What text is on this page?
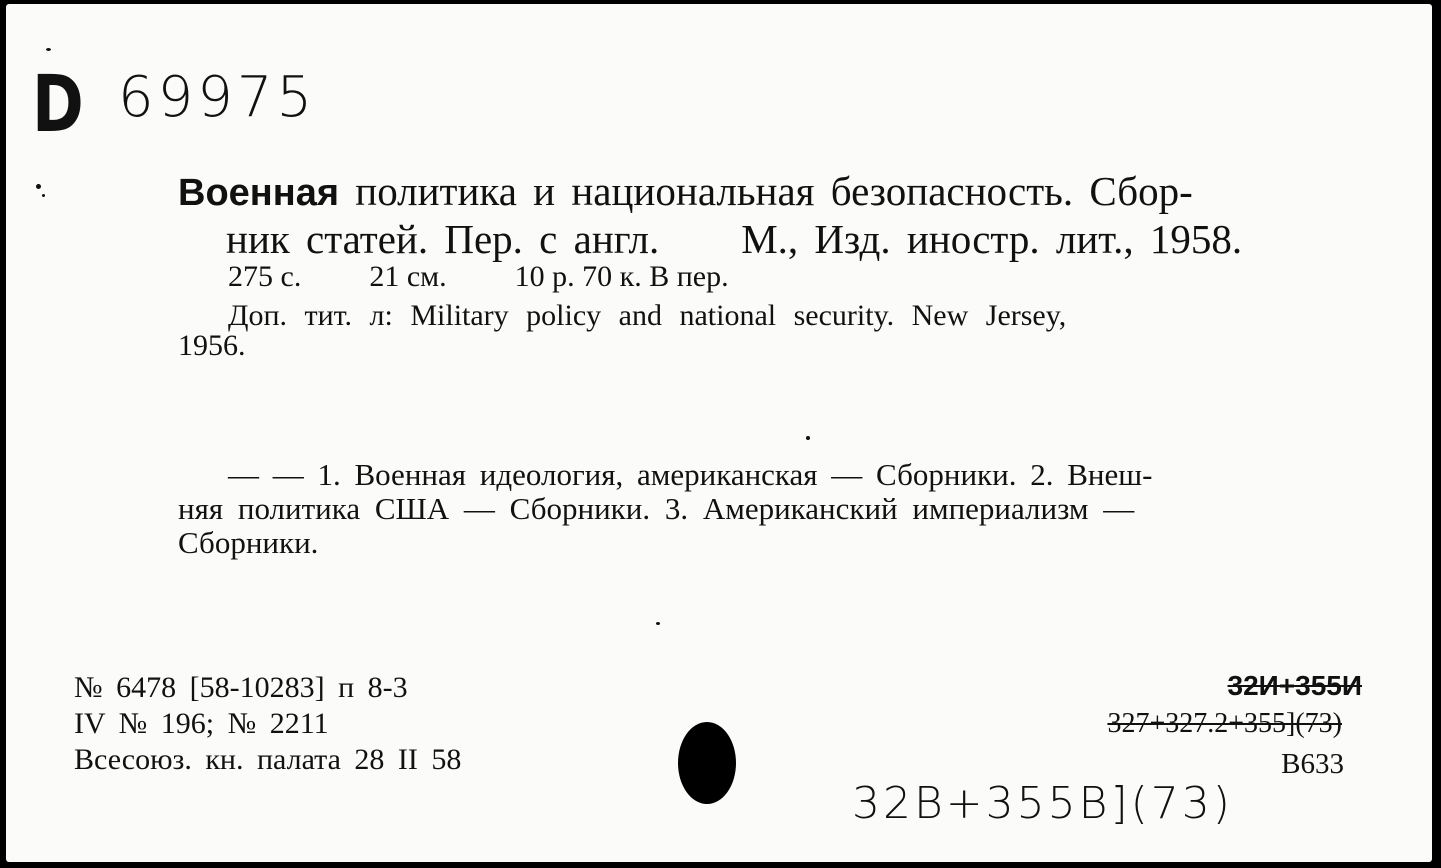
D 69975
Военная политика и национальная безопасность. Сбор-
ник статей. Пер. с англ. М., Изд. иностр. лит., 1958.
275 с. 21 см. 10 р. 70 к. В пер.
Доп. тит. л: Military policy and national security. New Jersey,
1956.
— — 1. Военная идеология, американская — Сборники. 2. Внеш-
няя политика США — Сборники. 3. Американский империализм —
Сборники.
№ 6478 [58-10283] п 8-3
IV № 196; № 2211
Всесоюз. кн. палата 28 II 58
32И+355И
327+327.2+355](73)
В633
32В+355В](73)
